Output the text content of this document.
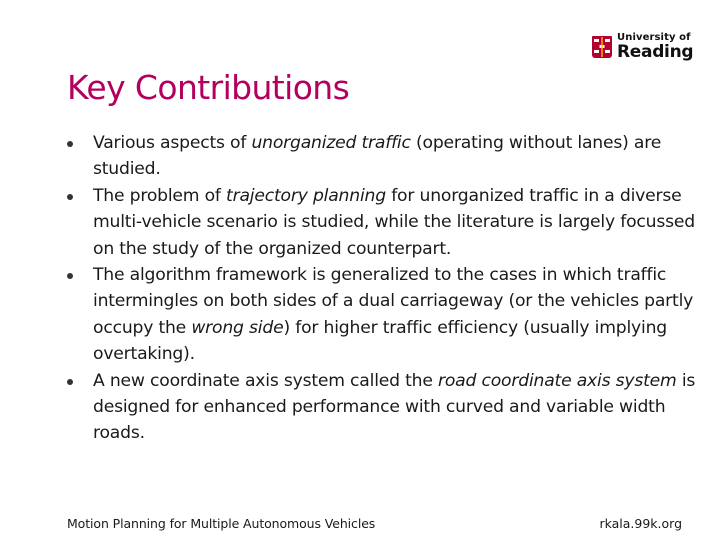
University of
Reading
Key Contributions
Various aspects of unorganized traffic (operating without lanes) are studied.
The problem of trajectory planning for unorganized traffic in a diverse multi-vehicle scenario is studied, while the literature is largely focussed on the study of the organized counterpart.
The algorithm framework is generalized to the cases in which traffic intermingles on both sides of a dual carriageway (or the vehicles partly occupy the wrong side) for higher traffic efficiency (usually implying overtaking).
A new coordinate axis system called the road coordinate axis system is designed for enhanced performance with curved and variable width roads.
Motion Planning for Multiple Autonomous Vehicles	rkala.99k.org
